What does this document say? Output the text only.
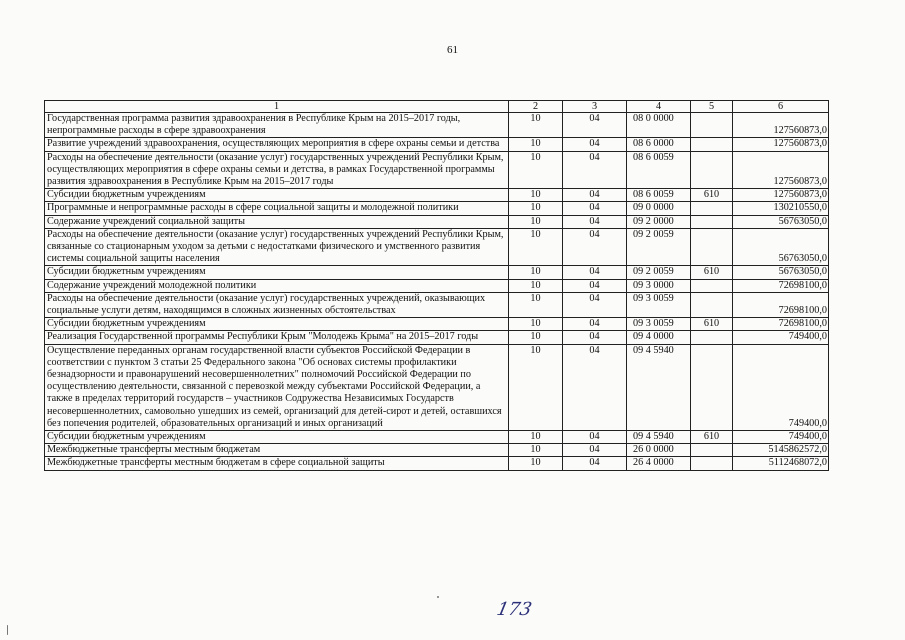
61
1	2	3	4	5	6
Государственная программа развития здравоохранения в Республике Крым на 2015–2017 годы, непрограммные расходы в сфере здравоохранения	10	04	08 0 0000		127560873,0
Развитие учреждений здравоохранения, осуществляющих мероприятия в сфере охраны семьи и детства	10	04	08 6 0000		127560873,0
Расходы на обеспечение деятельности (оказание услуг) государственных учреждений Республики Крым, осуществляющих мероприятия в сфере охраны семьи и детства, в рамках Государственной программы развития здравоохранения в Республике Крым на 2015–2017 годы	10	04	08 6 0059		127560873,0
Субсидии бюджетным учреждениям	10	04	08 6 0059	610	127560873,0
Программные и непрограммные расходы в сфере социальной защиты и молодежной политики	10	04	09 0 0000		130210550,0
Содержание учреждений социальной защиты	10	04	09 2 0000		56763050,0
Расходы на обеспечение деятельности (оказание услуг) государственных учреждений Республики Крым, связанные со стационарным уходом за детьми с недостатками физического и умственного развития системы социальной защиты населения	10	04	09 2 0059		56763050,0
Субсидии бюджетным учреждениям	10	04	09 2 0059	610	56763050,0
Содержание учреждений молодежной политики	10	04	09 3 0000		72698100,0
Расходы на обеспечение деятельности (оказание услуг) государственных учреждений, оказывающих социальные услуги детям, находящимся в сложных жизненных обстоятельствах	10	04	09 3 0059		72698100,0
Субсидии бюджетным учреждениям	10	04	09 3 0059	610	72698100,0
Реализация Государственной программы Республики Крым "Молодежь Крыма" на 2015–2017 годы	10	04	09 4 0000		749400,0
Осуществление переданных органам государственной власти субъектов Российской Федерации в соответствии с пунктом 3 статьи 25 Федерального закона "Об основах системы профилактики безнадзорности и правонарушений несовершеннолетних" полномочий Российской Федерации по осуществлению деятельности, связанной с перевозкой между субъектами Российской Федерации, а также в пределах территорий государств – участников Содружества Независимых Государств несовершеннолетних, самовольно ушедших из семей, организаций для детей-сирот и детей, оставшихся без попечения родителей, образовательных организаций и иных организаций	10	04	09 4 5940		749400,0
Субсидии бюджетным учреждениям	10	04	09 4 5940	610	749400,0
Межбюджетные трансферты местным бюджетам	10	04	26 0 0000		5145862572,0
Межбюджетные трансферты местным бюджетам в сфере социальной защиты	10	04	26 4 0000		5112468072,0
173
